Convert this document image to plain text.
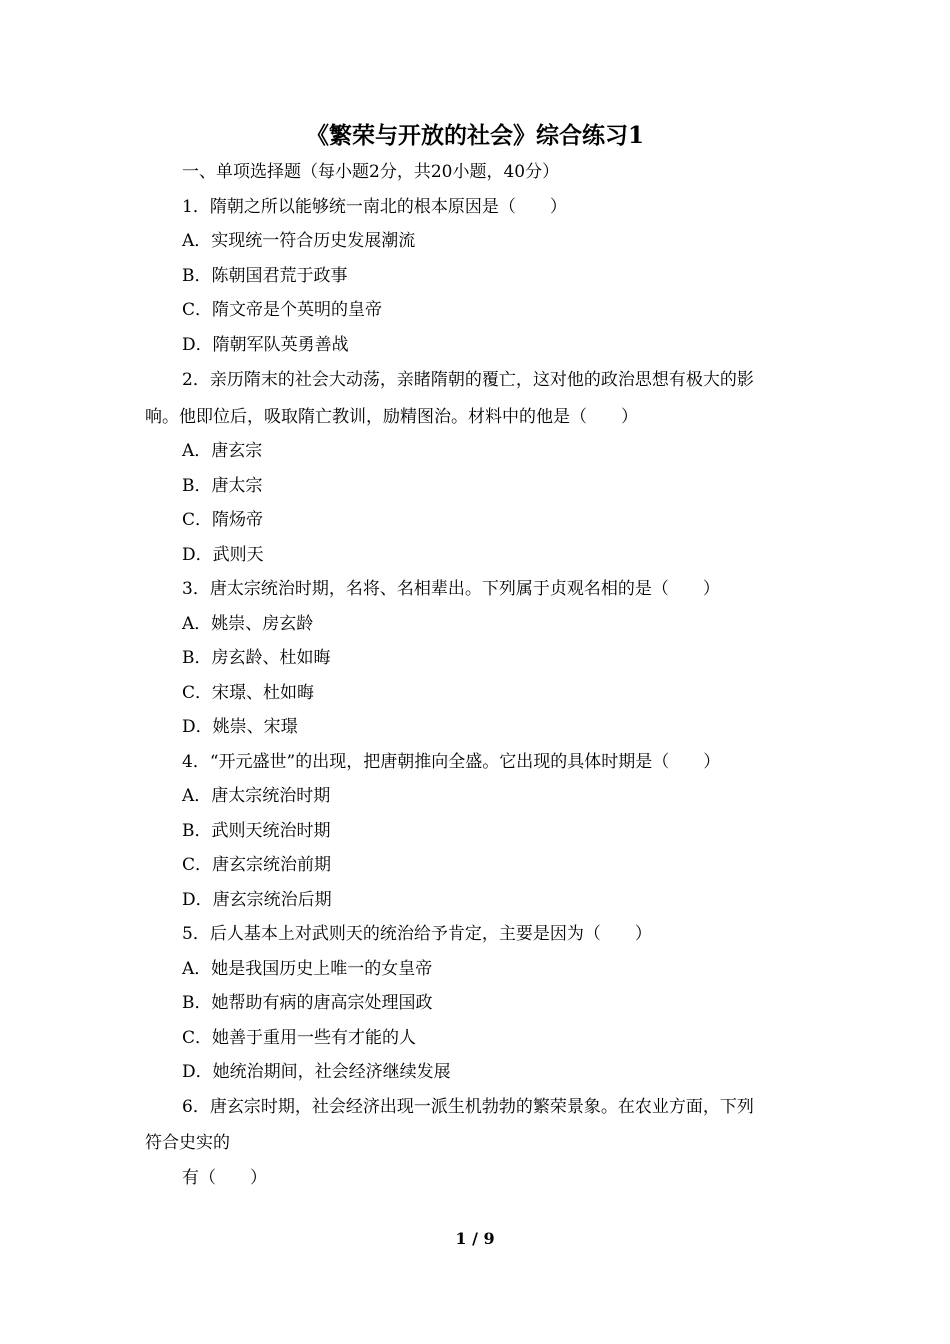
《繁荣与开放的社会》综合练习1
一、单项选择题（每小题2分，共20小题，40分）
1．隋朝之所以能够统一南北的根本原因是（　　）
A．实现统一符合历史发展潮流
B．陈朝国君荒于政事
C．隋文帝是个英明的皇帝
D．隋朝军队英勇善战
2．亲历隋末的社会大动荡，亲睹隋朝的覆亡，这对他的政治思想有极大的影
响。他即位后，吸取隋亡教训，励精图治。材料中的他是（　　）
A．唐玄宗
B．唐太宗
C．隋炀帝
D．武则天
3．唐太宗统治时期，名将、名相辈出。下列属于贞观名相的是（　　）
A．姚崇、房玄龄
B．房玄龄、杜如晦
C．宋璟、杜如晦
D．姚崇、宋璟
4．“开元盛世”的出现，把唐朝推向全盛。它出现的具体时期是（　　）
A．唐太宗统治时期
B．武则天统治时期
C．唐玄宗统治前期
D．唐玄宗统治后期
5．后人基本上对武则天的统治给予肯定，主要是因为（　　）
A．她是我国历史上唯一的女皇帝
B．她帮助有病的唐高宗处理国政
C．她善于重用一些有才能的人
D．她统治期间，社会经济继续发展
6．唐玄宗时期，社会经济出现一派生机勃勃的繁荣景象。在农业方面，下列
符合史实的
有（　　）
1 / 9
